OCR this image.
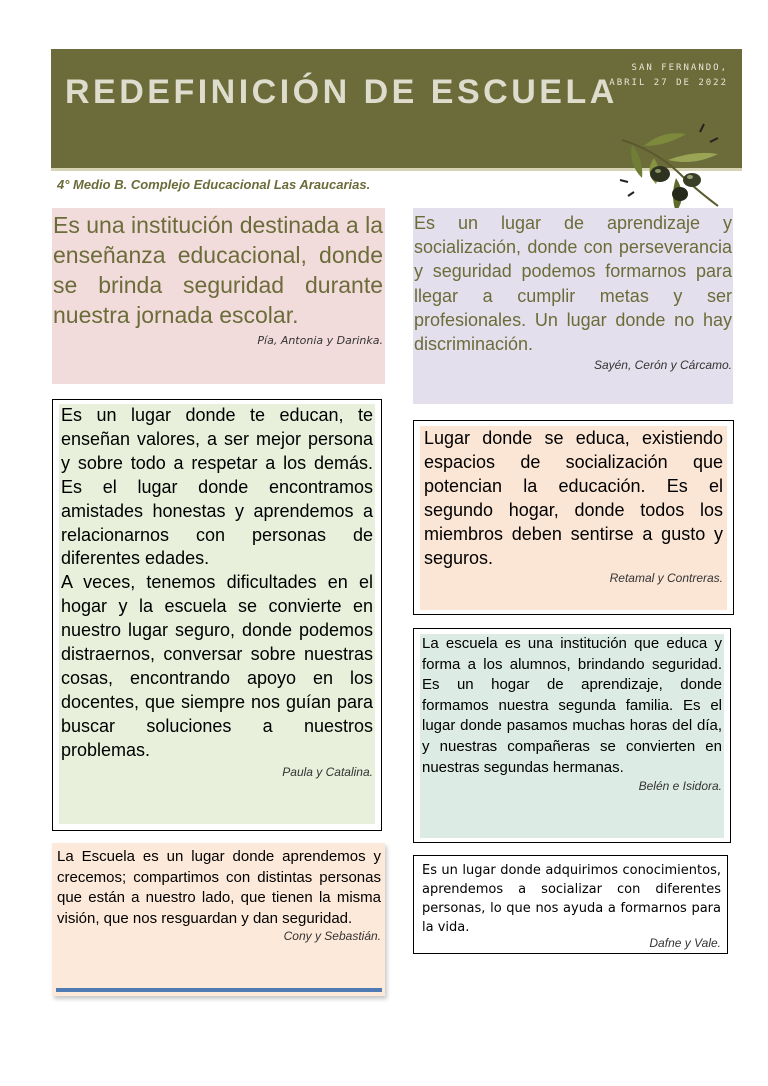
REDEFINICIÓN DE ESCUELA
SAN FERNANDO,
ABRIL 27 DE 2022

4° Medio B. Complejo Educacional Las Araucarias.

Es una institución destinada a la enseñanza educacional, donde se brinda seguridad durante nuestra jornada escolar.

Pía, Antonia y Darinka.

Es un lugar de aprendizaje y socialización, donde con perseverancia y seguridad podemos formarnos para llegar a cumplir metas y ser profesionales. Un lugar donde no hay discriminación.

Sayén, Cerón y Cárcamo.

Es un lugar donde te educan, te enseñan valores, a ser mejor persona y sobre todo a respetar a los demás. Es el lugar donde encontramos amistades honestas y aprendemos a relacionarnos con personas de diferentes edades.

A veces, tenemos dificultades en el hogar y la escuela se convierte en nuestro lugar seguro, donde podemos distraernos, conversar sobre nuestras cosas, encontrando apoyo en los docentes, que siempre nos guían para buscar soluciones a nuestros problemas.

Paula y Catalina.

Lugar donde se educa, existiendo espacios de socialización que potencian la educación. Es el segundo hogar, donde todos los miembros deben sentirse a gusto y seguros.

Retamal y Contreras.

La escuela es una institución que educa y forma a los alumnos, brindando seguridad. Es un hogar de aprendizaje, donde formamos nuestra segunda familia. Es el lugar donde pasamos muchas horas del día, y nuestras compañeras se convierten en nuestras segundas hermanas.

Belén e Isidora.

La Escuela es un lugar donde aprendemos y crecemos; compartimos con distintas personas que están a nuestro lado, que tienen la misma visión, que nos resguardan y dan seguridad.

Cony y Sebastián.

Es un lugar donde adquirimos conocimientos, aprendemos a socializar con diferentes personas, lo que nos ayuda a formarnos para la vida.

Dafne y Vale.
